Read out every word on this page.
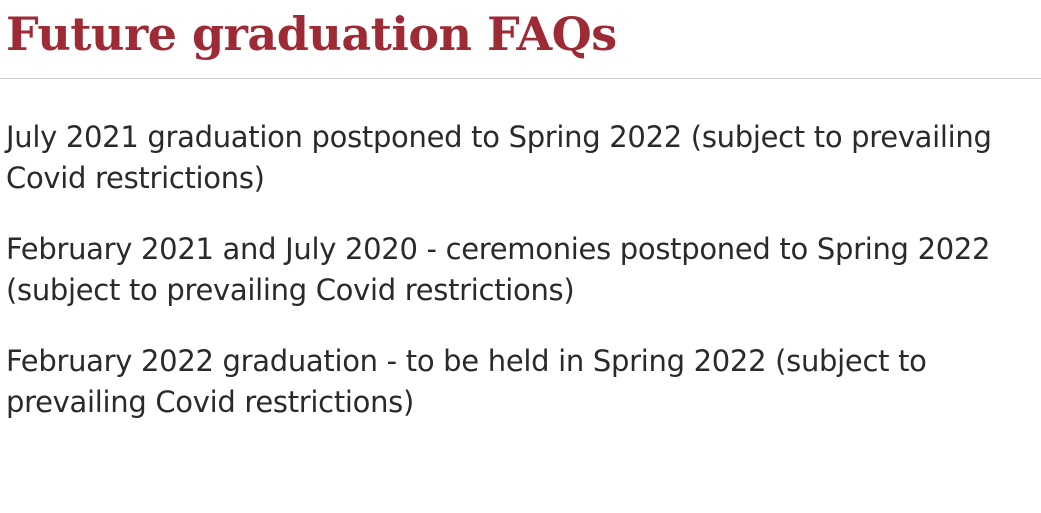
Future graduation FAQs
July 2021 graduation postponed to Spring 2022 (subject to prevailing Covid restrictions)
February 2021 and July 2020 - ceremonies postponed to Spring 2022 (subject to prevailing Covid restrictions)
February 2022 graduation - to be held in Spring 2022 (subject to prevailing Covid restrictions)
